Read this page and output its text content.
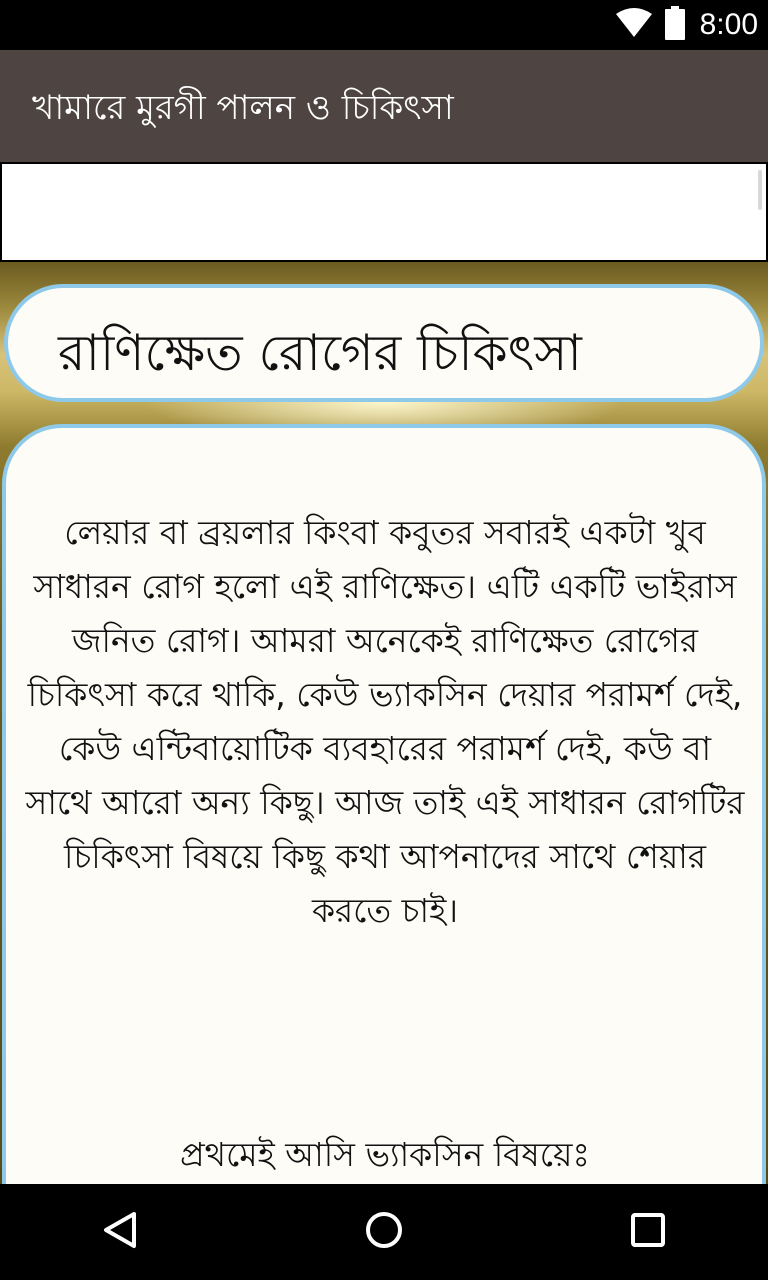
8:00
খামারে মুরগী পালন ও চিকিৎসা
রাণিক্ষেত রোগের চিকিৎসা

লেয়ার বা ব্রয়লার কিংবা কবুতর সবারই একটা খুব সাধারন রোগ হলো এই রাণিক্ষেত। এটি একটি ভাইরাস জনিত রোগ। আমরা অনেকেই রাণিক্ষেত রোগের চিকিৎসা করে থাকি, কেউ ভ্যাকসিন দেয়ার পরামর্শ দেই, কেউ এন্টিবায়োটিক ব্যবহারের পরামর্শ দেই, কউ বা সাথে আরো অন্য কিছু। আজ তাই এই সাধারন রোগটির চিকিৎসা বিষয়ে কিছু কথা আপনাদের সাথে শেয়ার করতে চাই।

প্রথমেই আসি ভ্যাকসিন বিষয়েঃ
